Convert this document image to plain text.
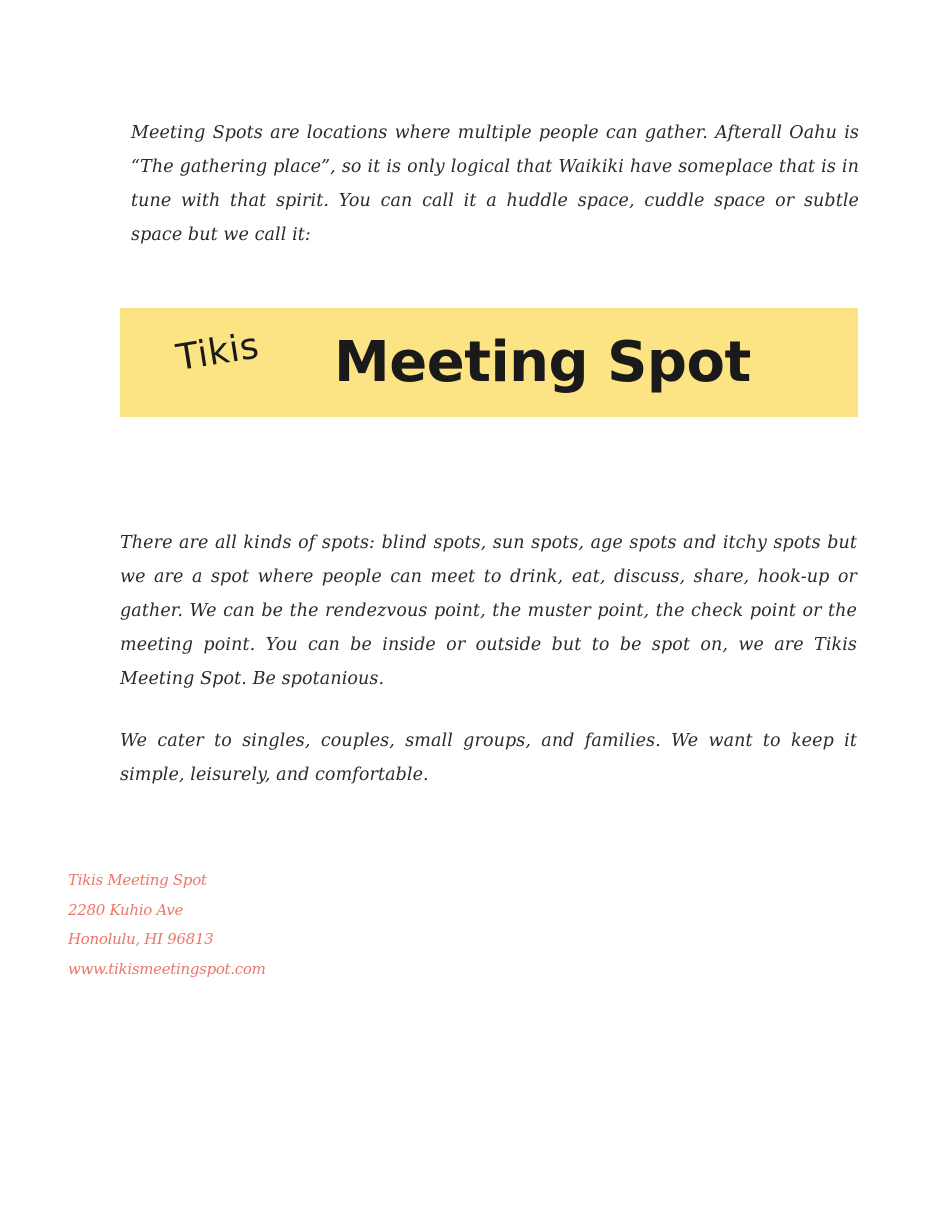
Meeting Spots are locations where multiple people can gather. Afterall Oahu is “The gathering place”, so it is only logical that Waikiki have someplace that is in tune with that spirit. You can call it a huddle space, cuddle space or subtle space but we call it:

Tikis Meeting Spot

There are all kinds of spots: blind spots, sun spots, age spots and itchy spots but we are a spot where people can meet to drink, eat, discuss, share, hook-up or gather. We can be the rendezvous point, the muster point, the check point or the meeting point. You can be inside or outside but to be spot on, we are Tikis Meeting Spot. Be spotanious.

We cater to singles, couples, small groups, and families. We want to keep it simple, leisurely, and comfortable.

Tikis Meeting Spot
2280 Kuhio Ave
Honolulu, HI 96813
www.tikismeetingspot.com
